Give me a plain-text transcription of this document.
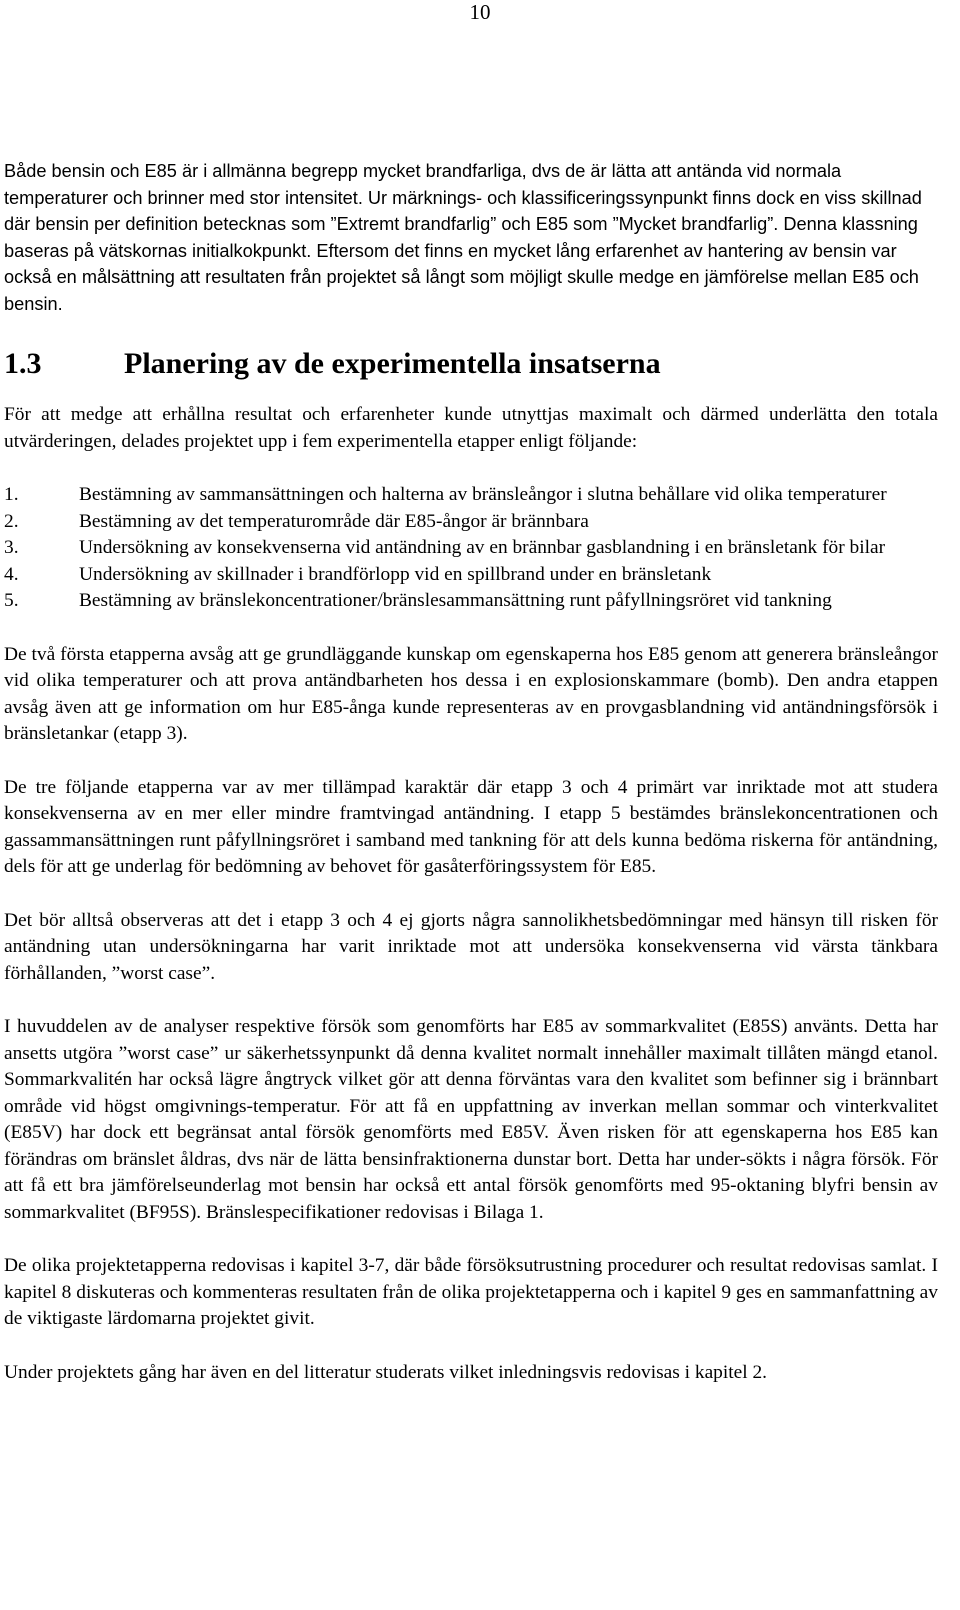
10

Både bensin och E85 är i allmänna begrepp mycket brandfarliga, dvs de är lätta att antända vid normala temperaturer och brinner med stor intensitet. Ur märknings- och klassificeringssynpunkt finns dock en viss skillnad där bensin per definition betecknas som ”Extremt brandfarlig” och E85 som ”Mycket brandfarlig”. Denna klassning baseras på vätskornas initialkokpunkt. Eftersom det finns en mycket lång erfarenhet av hantering av bensin var också en målsättning att resultaten från projektet så långt som möjligt skulle medge en jämförelse mellan E85 och bensin.

1.3	Planering av de experimentella insatserna

För att medge att erhållna resultat och erfarenheter kunde utnyttjas maximalt och därmed underlätta den totala utvärderingen, delades projektet upp i fem experimentella etapper enligt följande:

1.	Bestämning av sammansättningen och halterna av bränsleångor i slutna behållare vid olika temperaturer
2.	Bestämning av det temperaturområde där E85-ångor är brännbara
3.	Undersökning av konsekvenserna vid antändning av en brännbar gasblandning i en bränsletank för bilar
4.	Undersökning av skillnader i brandförlopp vid en spillbrand under en bränsletank
5.	Bestämning av bränslekoncentrationer/bränslesammansättning runt påfyllningsröret vid tankning

De två första etapperna avsåg att ge grundläggande kunskap om egenskaperna hos E85 genom att generera bränsleångor vid olika temperaturer och att prova antändbarheten hos dessa i en explosionskammare (bomb). Den andra etappen avsåg även att ge information om hur E85-ånga kunde representeras av en provgasblandning vid antändningsförsök i bränsletankar (etapp 3).

De tre följande etapperna var av mer tillämpad karaktär där etapp 3 och 4 primärt var inriktade mot att studera konsekvenserna av en mer eller mindre framtvingad antändning. I etapp 5 bestämdes bränslekoncentrationen och gassammansättningen runt påfyllningsröret i samband med tankning för att dels kunna bedöma riskerna för antändning, dels för att ge underlag för bedömning av behovet för gasåterföringssystem för E85.

Det bör alltså observeras att det i etapp 3 och 4 ej gjorts några sannolikhetsbedömningar med hänsyn till risken för antändning utan undersökningarna har varit inriktade mot att undersöka konsekvenserna vid värsta tänkbara förhållanden, ”worst case”.

I huvuddelen av de analyser respektive försök som genomförts har E85 av sommarkvalitet (E85S) använts. Detta har ansetts utgöra ”worst case” ur säkerhetssynpunkt då denna kvalitet normalt innehåller maximalt tillåten mängd etanol. Sommarkvalitén har också lägre ångtryck vilket gör att denna förväntas vara den kvalitet som befinner sig i brännbart område vid högst omgivnings-temperatur. För att få en uppfattning av inverkan mellan sommar och vinterkvalitet (E85V) har dock ett begränsat antal försök genomförts med E85V. Även risken för att egenskaperna hos E85 kan förändras om bränslet åldras, dvs när de lätta bensinfraktionerna dunstar bort. Detta har under-sökts i några försök. För att få ett bra jämförelseunderlag mot bensin har också ett antal försök genomförts med 95-oktaning blyfri bensin av sommarkvalitet (BF95S). Bränslespecifikationer redovisas i Bilaga 1.

De olika projektetapperna redovisas i kapitel 3-7, där både försöksutrustning procedurer och resultat redovisas samlat. I kapitel 8 diskuteras och kommenteras resultaten från de olika projektetapperna och i kapitel 9 ges en sammanfattning av de viktigaste lärdomarna projektet givit.

Under projektets gång har även en del litteratur studerats vilket inledningsvis redovisas i kapitel 2.
